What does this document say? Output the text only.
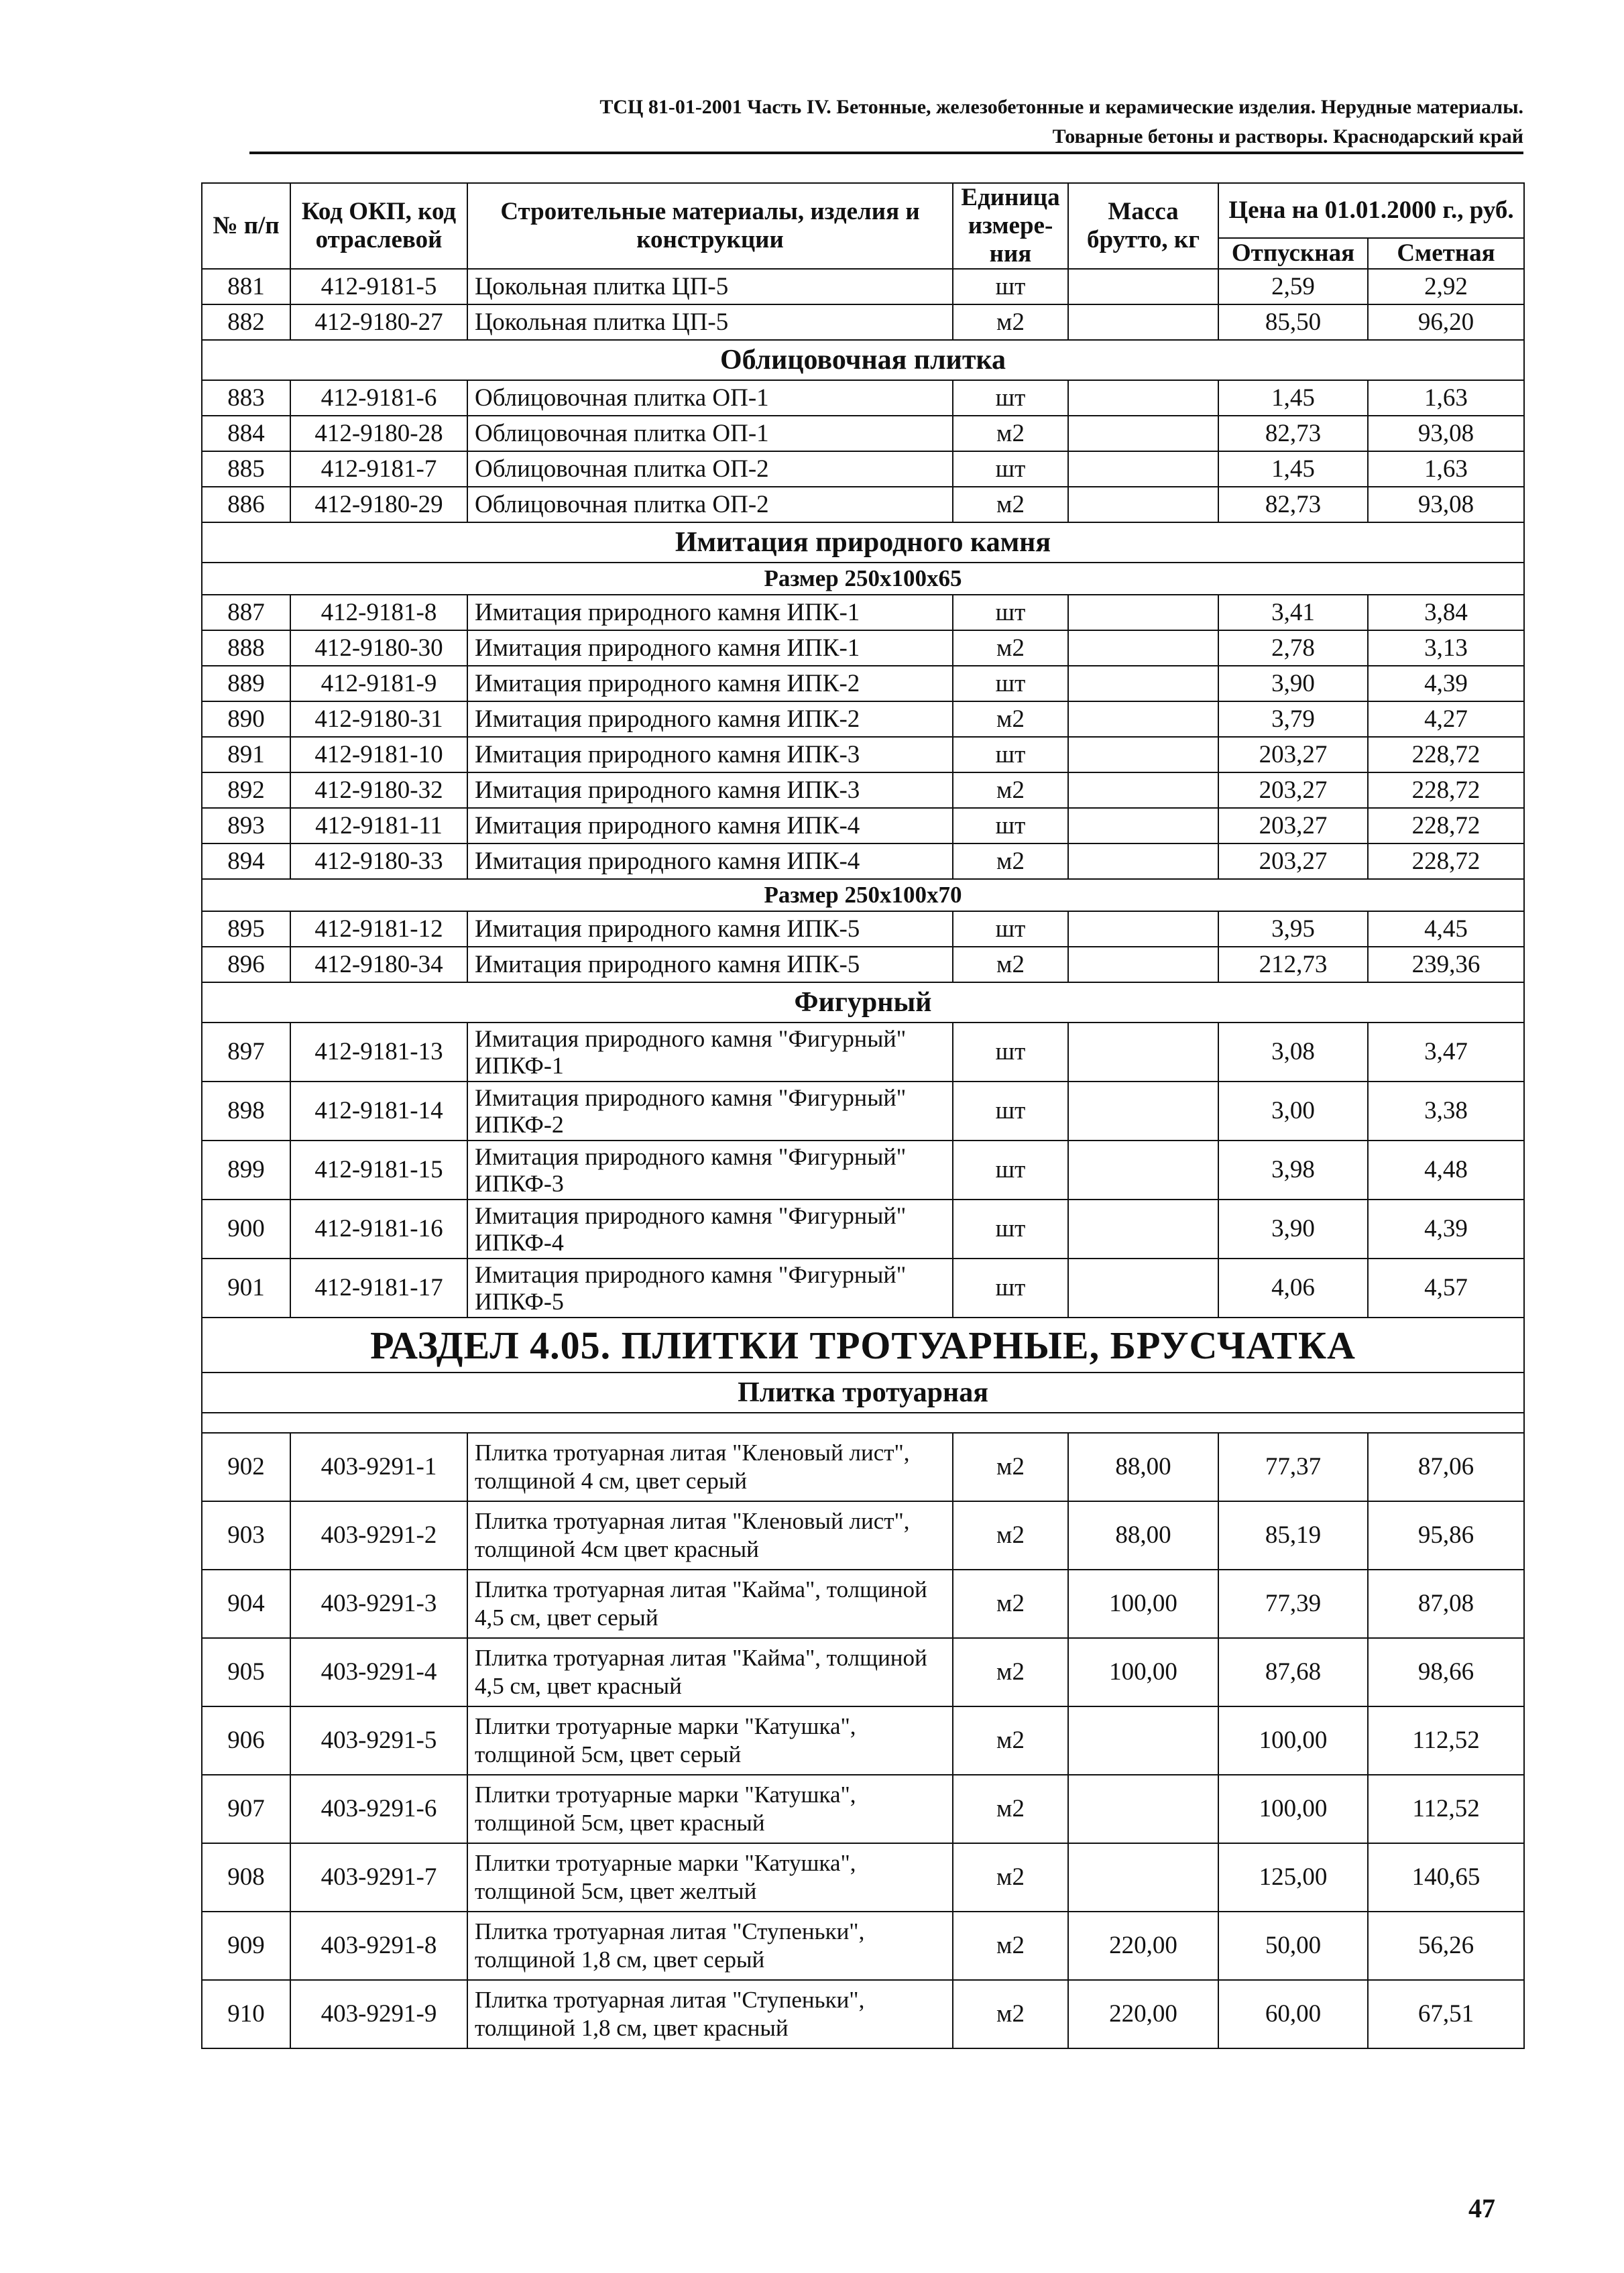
ТСЦ 81-01-2001 Часть IV. Бетонные, железобетонные и керамические изделия. Нерудные материалы.
Товарные бетоны и растворы. Краснодарский край
№ п/п	Код ОКП, код отраслевой	Строительные материалы, изделия и конструкции	Единица измере-ния	Масса брутто, кг	Цена на 01.01.2000 г., руб.	
					Отпускная	Сметная
881	412-9181-5	Цокольная плитка ЦП-5	шт		2,59	2,92
882	412-9180-27	Цокольная плитка ЦП-5	м2		85,50	96,20
Облицовочная плитка						
883	412-9181-6	Облицовочная плитка ОП-1	шт		1,45	1,63
884	412-9180-28	Облицовочная плитка ОП-1	м2		82,73	93,08
885	412-9181-7	Облицовочная плитка ОП-2	шт		1,45	1,63
886	412-9180-29	Облицовочная плитка ОП-2	м2		82,73	93,08
Имитация природного камня						
Размер 250х100х65						
887	412-9181-8	Имитация природного камня ИПК-1	шт		3,41	3,84
888	412-9180-30	Имитация природного камня ИПК-1	м2		2,78	3,13
889	412-9181-9	Имитация природного камня ИПК-2	шт		3,90	4,39
890	412-9180-31	Имитация природного камня ИПК-2	м2		3,79	4,27
891	412-9181-10	Имитация природного камня ИПК-3	шт		203,27	228,72
892	412-9180-32	Имитация природного камня ИПК-3	м2		203,27	228,72
893	412-9181-11	Имитация природного камня ИПК-4	шт		203,27	228,72
894	412-9180-33	Имитация природного камня ИПК-4	м2		203,27	228,72
Размер 250х100х70						
895	412-9181-12	Имитация природного камня ИПК-5	шт		3,95	4,45
896	412-9180-34	Имитация природного камня ИПК-5	м2		212,73	239,36
Фигурный						
897	412-9181-13	Имитация природного камня "Фигурный" ИПКФ-1	шт		3,08	3,47
898	412-9181-14	Имитация природного камня "Фигурный" ИПКФ-2	шт		3,00	3,38
899	412-9181-15	Имитация природного камня "Фигурный" ИПКФ-3	шт		3,98	4,48
900	412-9181-16	Имитация природного камня "Фигурный" ИПКФ-4	шт		3,90	4,39
901	412-9181-17	Имитация природного камня "Фигурный" ИПКФ-5	шт		4,06	4,57
РАЗДЕЛ 4.05. ПЛИТКИ ТРОТУАРНЫЕ, БРУСЧАТКА						
Плитка тротуарная						

902	403-9291-1	Плитка тротуарная литая "Кленовый лист", толщиной 4 см, цвет серый	м2	88,00	77,37	87,06
903	403-9291-2	Плитка тротуарная литая "Кленовый лист", толщиной 4см цвет красный	м2	88,00	85,19	95,86
904	403-9291-3	Плитка тротуарная литая "Кайма", толщиной 4,5 см, цвет серый	м2	100,00	77,39	87,08
905	403-9291-4	Плитка тротуарная литая "Кайма", толщиной 4,5 см, цвет красный	м2	100,00	87,68	98,66
906	403-9291-5	Плитки тротуарные марки "Катушка", толщиной 5см, цвет серый	м2		100,00	112,52
907	403-9291-6	Плитки тротуарные марки "Катушка", толщиной 5см, цвет красный	м2		100,00	112,52
908	403-9291-7	Плитки тротуарные марки "Катушка", толщиной 5см, цвет желтый	м2		125,00	140,65
909	403-9291-8	Плитка тротуарная литая "Ступеньки", толщиной 1,8 см, цвет серый	м2	220,00	50,00	56,26
910	403-9291-9	Плитка тротуарная литая "Ступеньки", толщиной 1,8 см, цвет красный	м2	220,00	60,00	67,51
47
